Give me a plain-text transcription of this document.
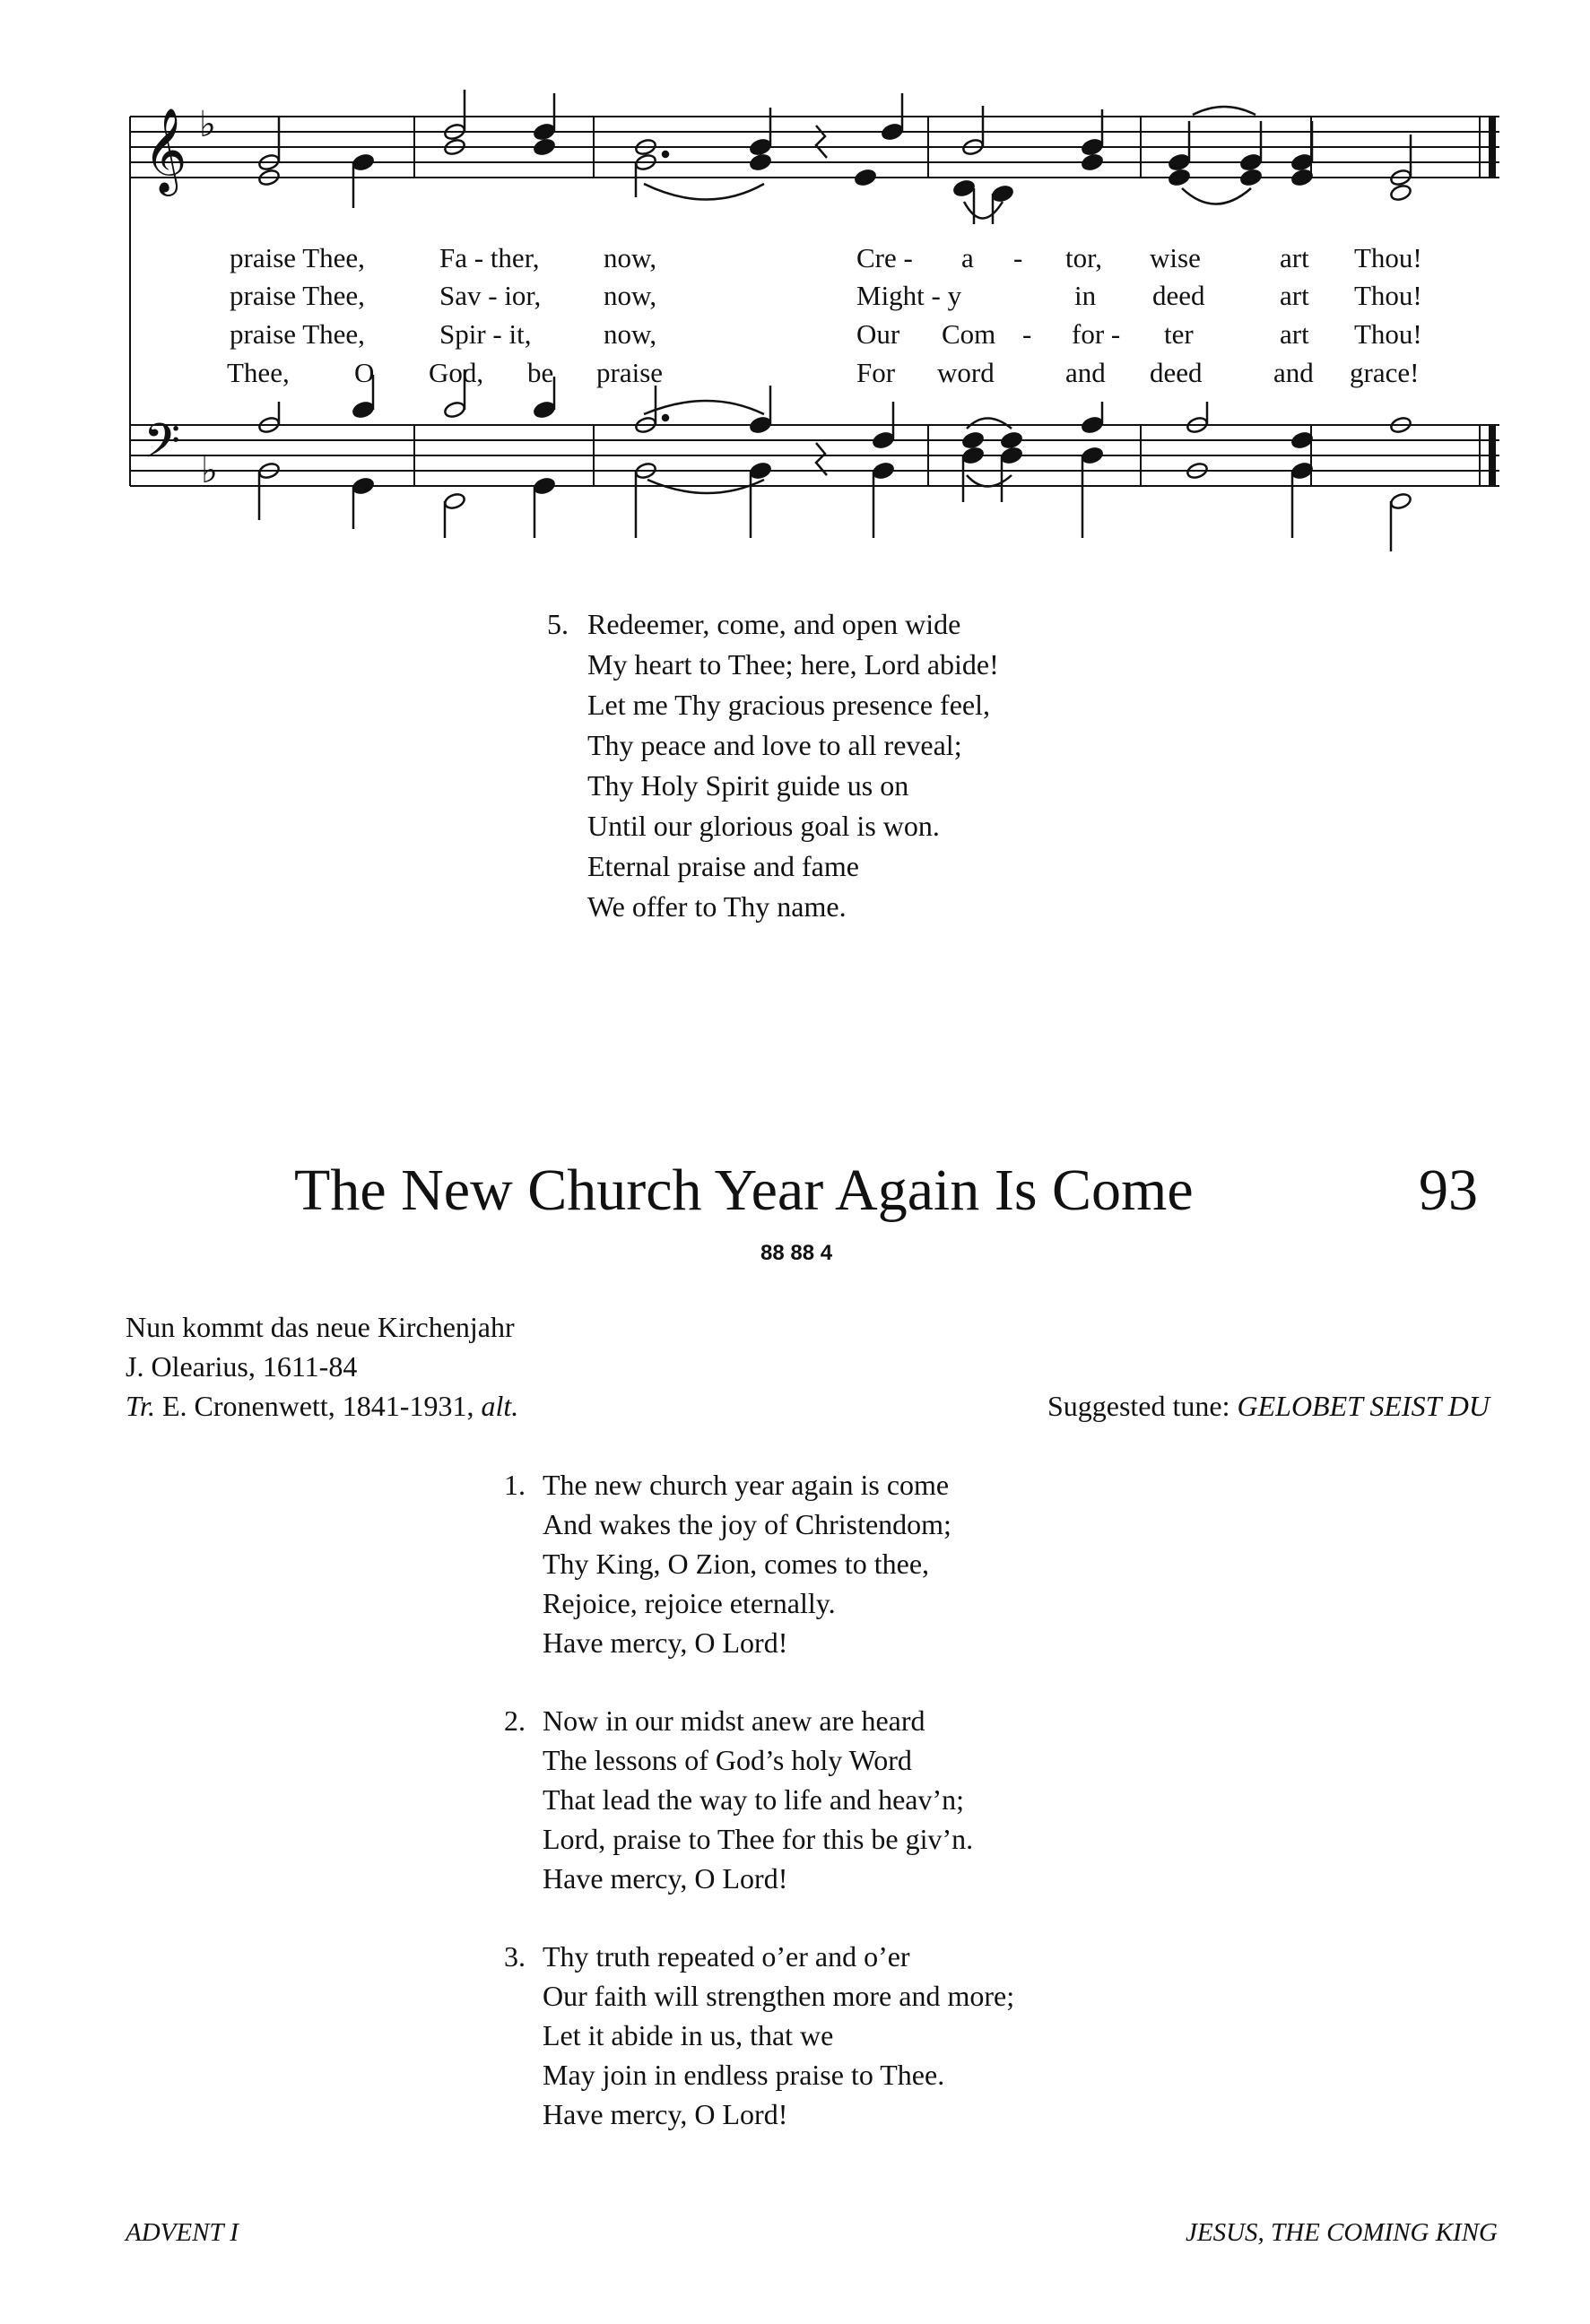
𝄞 ♭
𝄢 ♭
praise Thee,	Fa - ther, now,	Cre - a - tor, wise	art Thou!
praise Thee,	Sav - ior, now,	Might - y	in deed	art Thou!
praise Thee,	Spir - it,	now,	Our Com - for - ter	art Thou!
Thee, O God, be praise	For word	and deed	and grace!
5. Redeemer, come, and open wide
My heart to Thee; here, Lord abide!
Let me Thy gracious presence feel,
Thy peace and love to all reveal;
Thy Holy Spirit guide us on
Until our glorious goal is won.
Eternal praise and fame
We offer to Thy name.
The New Church Year Again Is Come	93
88 88 4
Nun kommt das neue Kirchenjahr
J. Olearius, 1611-84
Tr. E. Cronenwett, 1841-1931, alt.	Suggested tune: GELOBET SEIST DU
1. The new church year again is come
And wakes the joy of Christendom;
Thy King, O Zion, comes to thee,
Rejoice, rejoice eternally.
Have mercy, O Lord!
2. Now in our midst anew are heard
The lessons of God’s holy Word
That lead the way to life and heav’n;
Lord, praise to Thee for this be giv’n.
Have mercy, O Lord!
3. Thy truth repeated o’er and o’er
Our faith will strengthen more and more;
Let it abide in us, that we
May join in endless praise to Thee.
Have mercy, O Lord!
ADVENT I	JESUS, THE COMING KING
